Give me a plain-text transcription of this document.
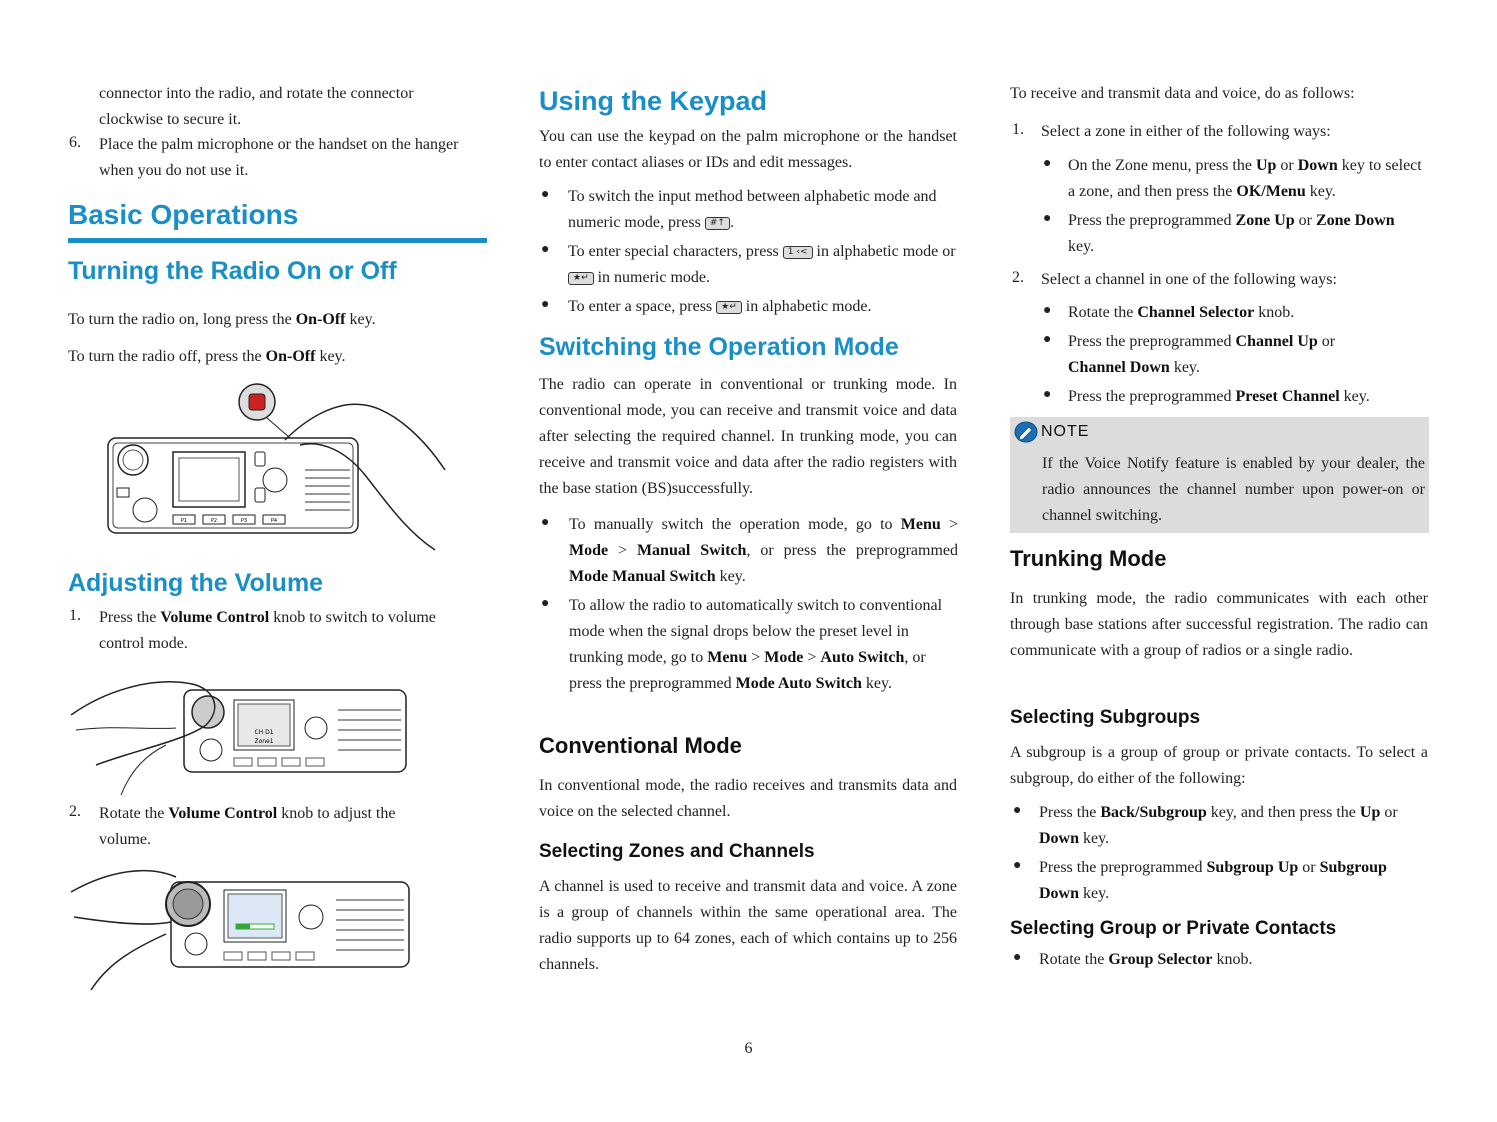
connector into the radio, and rotate the connector clockwise to secure it.

6. Place the palm microphone or the handset on the hanger when you do not use it.

Basic Operations
Turning the Radio On or Off

To turn the radio on, long press the On-Off key.

To turn the radio off, press the On-Off key.

P1	P2	P3	P4
Adjusting the Volume
1. Press the Volume Control knob to switch to volume control mode.

CH D1
Zone1
2. Rotate the Volume Control knob to adjust the volume.

Using the Keypad

You can use the keypad on the palm microphone or the handset to enter contact aliases or IDs and edit messages.

● To switch the input method between alphabetic mode and numeric mode, press #↑ .

● To enter special characters, press 1 ‹< in alphabetic mode or ★↵ in numeric mode.

● To enter a space, press ★↵ in alphabetic mode.

Switching the Operation Mode

The radio can operate in conventional or trunking mode. In conventional mode, you can receive and transmit voice and data after selecting the required channel. In trunking mode, you can receive and transmit voice and data after the radio registers with the base station (BS)successfully.

● To manually switch the operation mode, go to Menu > Mode > Manual Switch, or press the preprogrammed Mode Manual Switch key.

● To allow the radio to automatically switch to conventional mode when the signal drops below the preset level in trunking mode, go to Menu > Mode > Auto Switch, or press the preprogrammed Mode Auto Switch key.

Conventional Mode

In conventional mode, the radio receives and transmits data and voice on the selected channel.

Selecting Zones and Channels

A channel is used to receive and transmit data and voice. A zone is a group of channels within the same operational area. The radio supports up to 64 zones, each of which contains up to 256 channels.

To receive and transmit data and voice, do as follows:

1. Select a zone in either of the following ways:

● On the Zone menu, press the Up or Down key to select a zone, and then press the OK/Menu key.

● Press the preprogrammed Zone Up or Zone Down key.

2. Select a channel in one of the following ways:

● Rotate the Channel Selector knob.

● Press the preprogrammed Channel Up or Channel Down key.

● Press the preprogrammed Preset Channel key.

NOTE

If the Voice Notify feature is enabled by your dealer, the radio announces the channel number upon power-on or channel switching.

Trunking Mode

In trunking mode, the radio communicates with each other through base stations after successful registration. The radio can communicate with a group of radios or a single radio.

Selecting Subgroups

A subgroup is a group of group or private contacts. To select a subgroup, do either of the following:

● Press the Back/Subgroup key, and then press the Up or Down key.

● Press the preprogrammed Subgroup Up or Subgroup Down key.

Selecting Group or Private Contacts
● Rotate the Group Selector knob.

6
